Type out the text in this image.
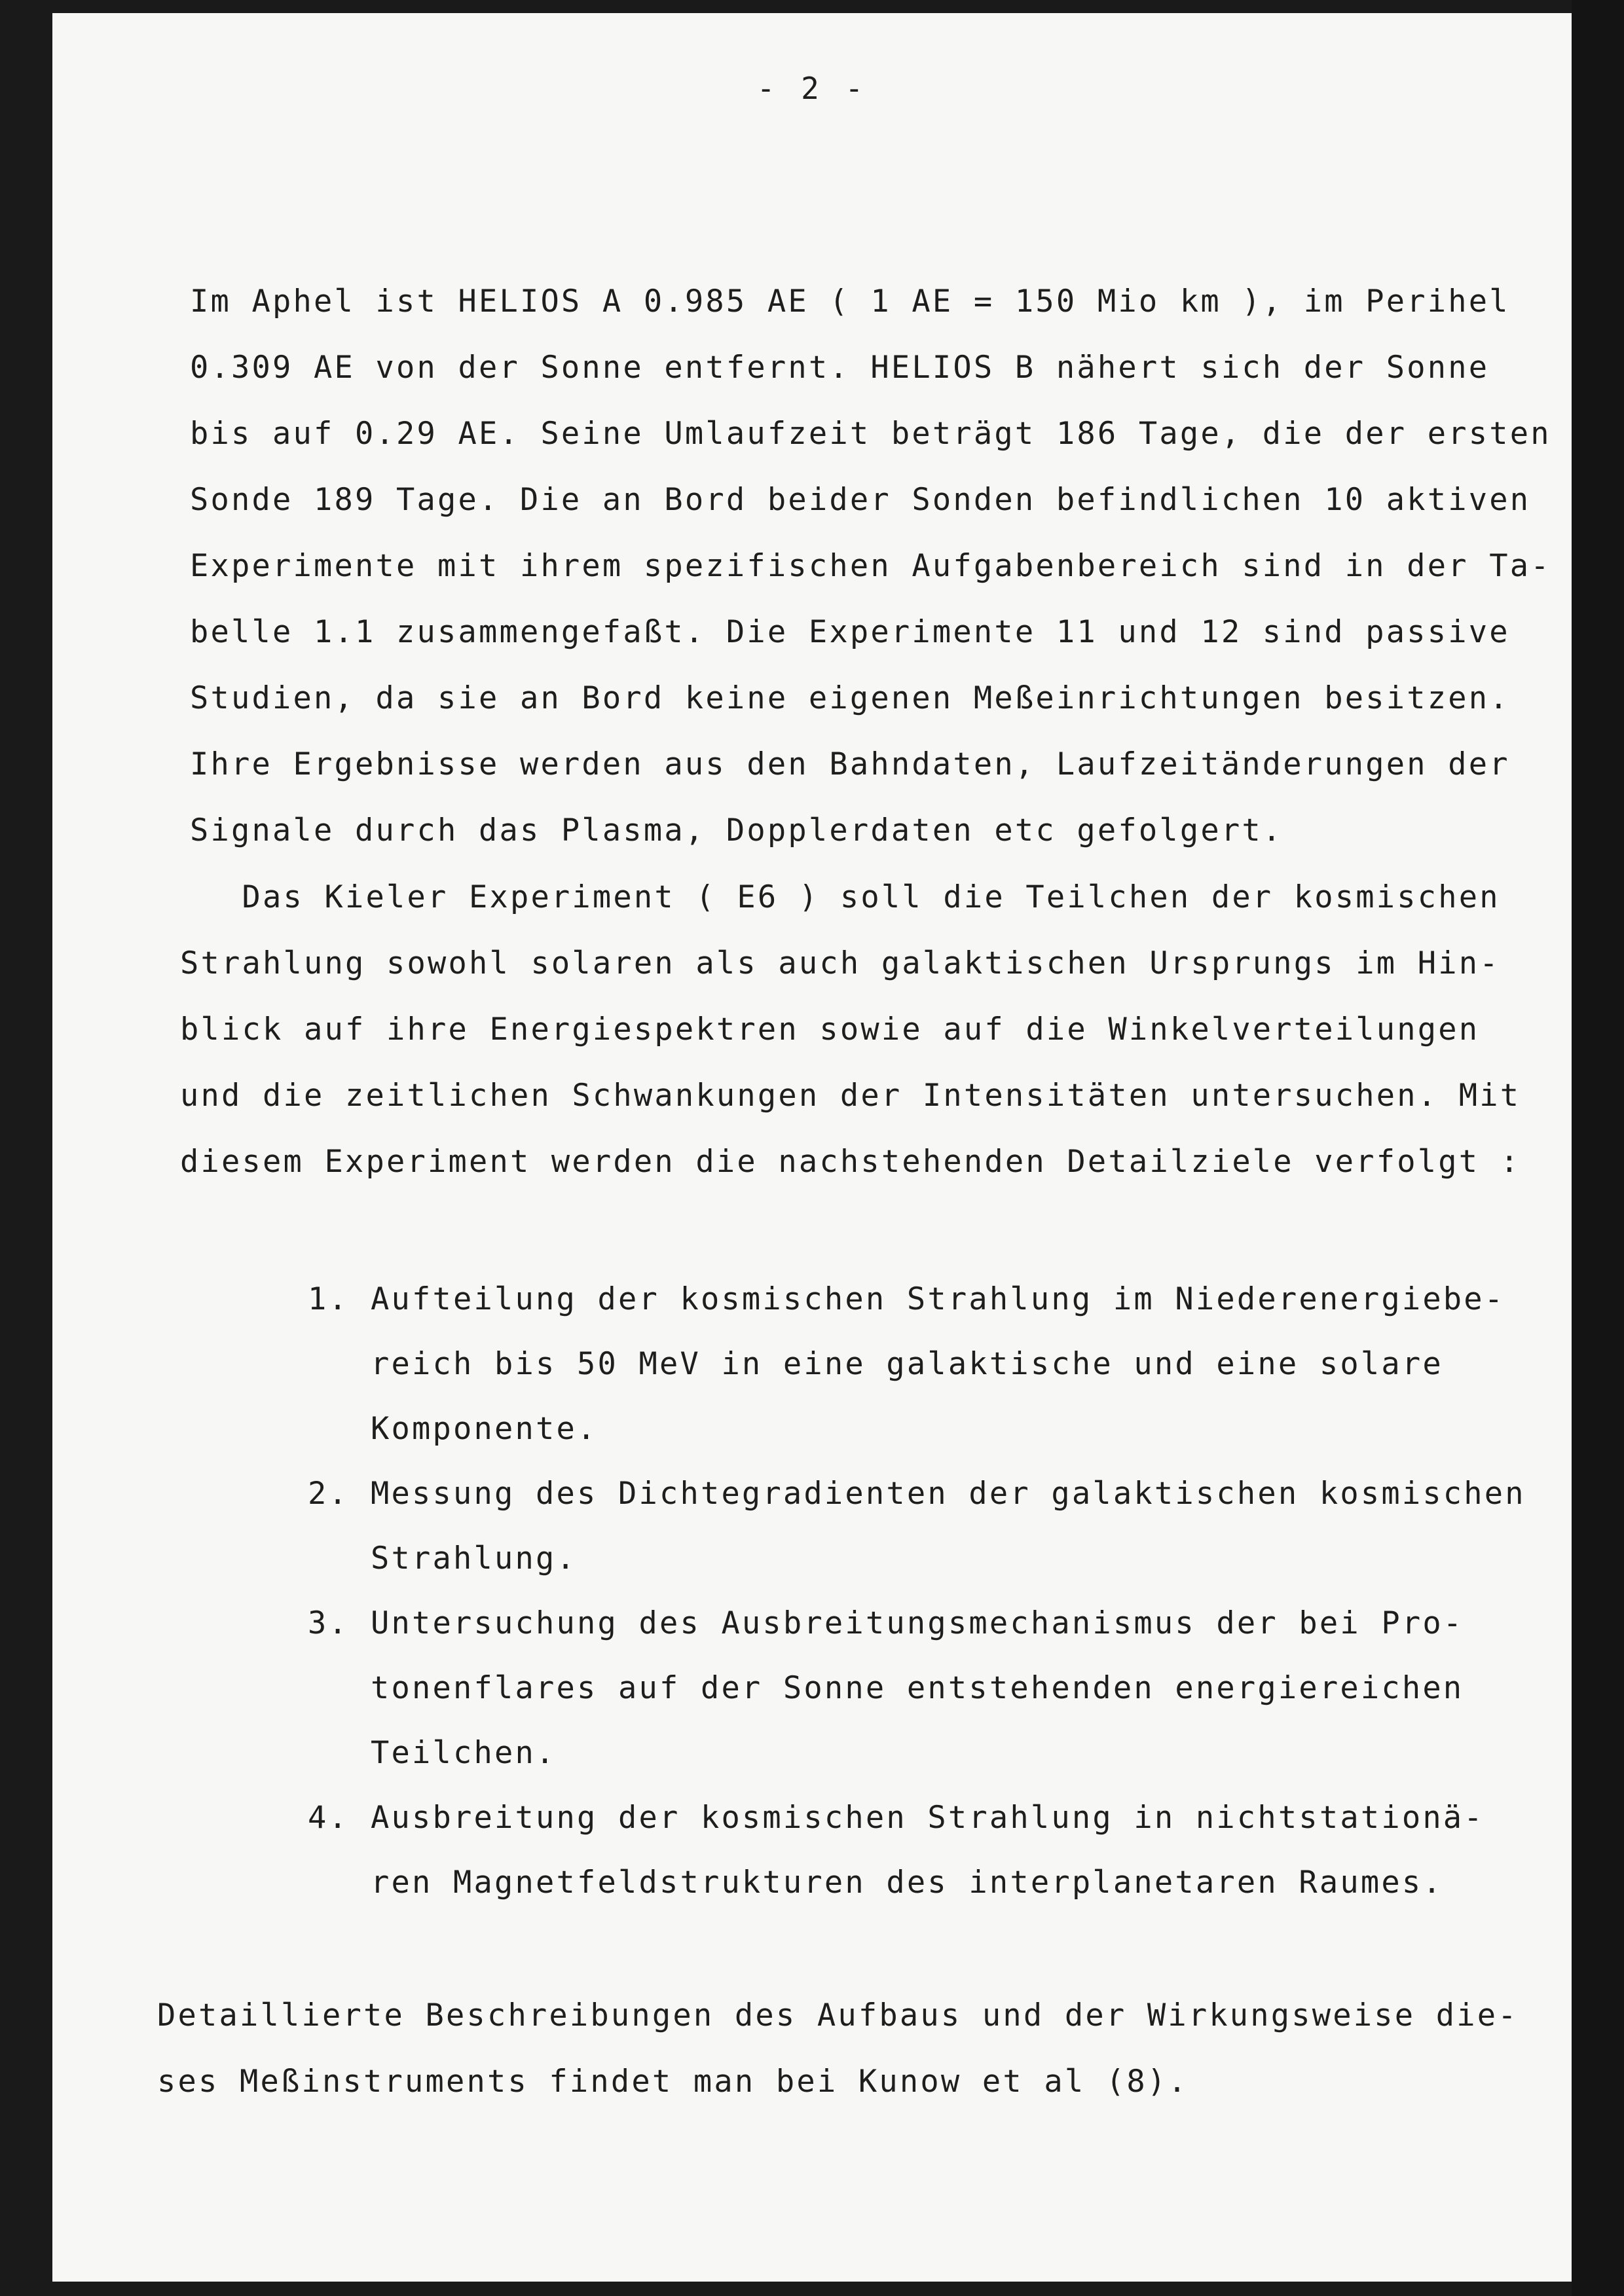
- 2 -
Im Aphel ist HELIOS A 0.985 AE ( 1 AE = 150 Mio km ), im Perihel
0.309 AE von der Sonne entfernt. HELIOS B nähert sich der Sonne
bis auf 0.29 AE. Seine Umlaufzeit beträgt 186 Tage, die der ersten
Sonde 189 Tage. Die an Bord beider Sonden befindlichen 10 aktiven
Experimente mit ihrem spezifischen Aufgabenbereich sind in der Ta-
belle 1.1 zusammengefaßt. Die Experimente 11 und 12 sind passive
Studien, da sie an Bord keine eigenen Meßeinrichtungen besitzen.
Ihre Ergebnisse werden aus den Bahndaten, Laufzeitänderungen der
Signale durch das Plasma, Dopplerdaten etc gefolgert.
Das Kieler Experiment ( E6 ) soll die Teilchen der kosmischen
Strahlung sowohl solaren als auch galaktischen Ursprungs im Hin-
blick auf ihre Energiespektren sowie auf die Winkelverteilungen
und die zeitlichen Schwankungen der Intensitäten untersuchen. Mit
diesem Experiment werden die nachstehenden Detailziele verfolgt :
1. Aufteilung der kosmischen Strahlung im Niederenergiebe-
reich bis 50 MeV in eine galaktische und eine solare
Komponente.
2. Messung des Dichtegradienten der galaktischen kosmischen
Strahlung.
3. Untersuchung des Ausbreitungsmechanismus der bei Pro-
tonenflares auf der Sonne entstehenden energiereichen
Teilchen.
4. Ausbreitung der kosmischen Strahlung in nichtstationä-
ren Magnetfeldstrukturen des interplanetaren Raumes.
Detaillierte Beschreibungen des Aufbaus und der Wirkungsweise die-
ses Meßinstruments findet man bei Kunow et al (8).
